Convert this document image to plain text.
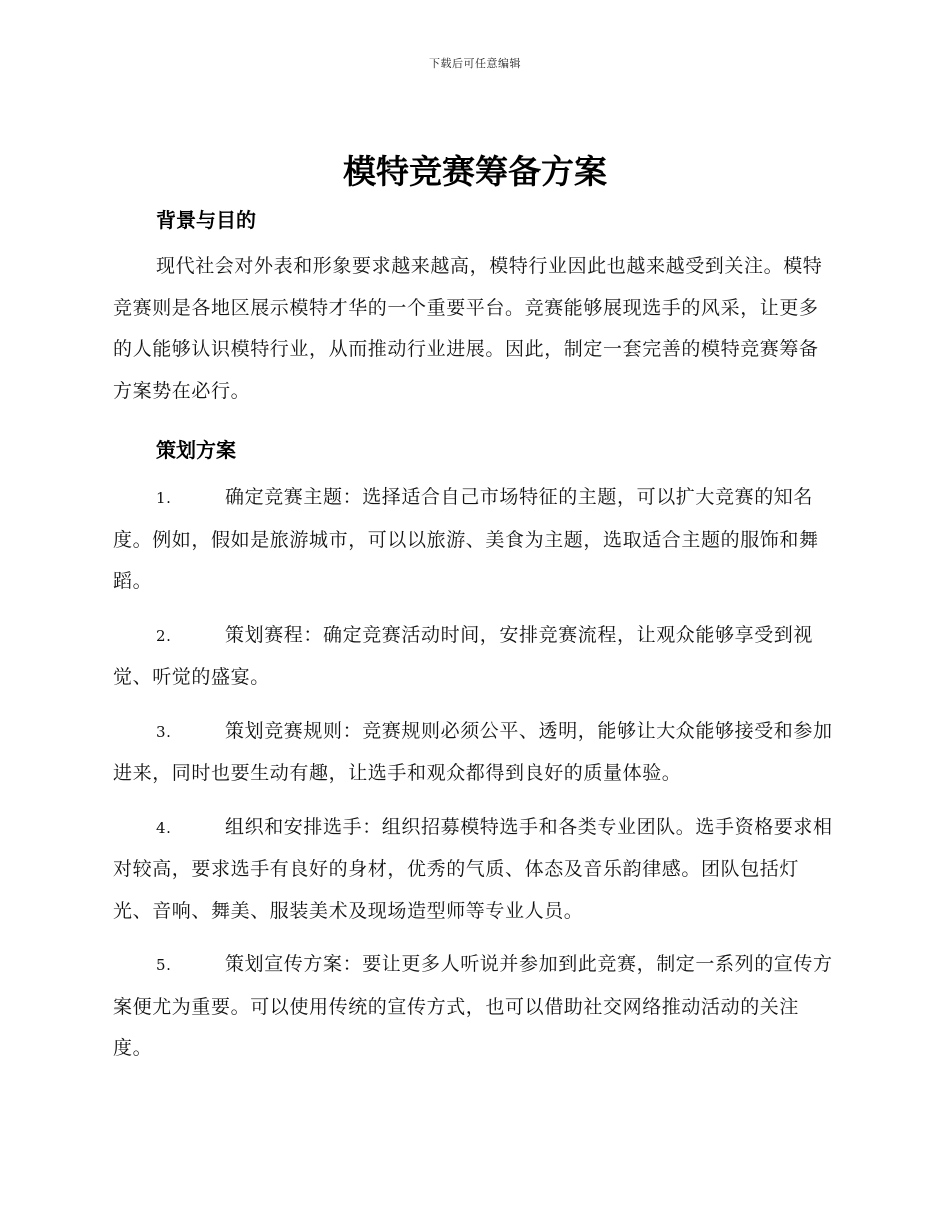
下载后可任意编辑
模特竞赛筹备方案
背景与目的

现代社会对外表和形象要求越来越高，模特行业因此也越来越受到关注。模特竞赛则是各地区展示模特才华的一个重要平台。竞赛能够展现选手的风采，让更多的人能够认识模特行业，从而推动行业进展。因此，制定一套完善的模特竞赛筹备方案势在必行。

策划方案
1.	确定竞赛主题：选择适合自己市场特征的主题，可以扩大竞赛的知名度。例如，假如是旅游城市，可以以旅游、美食为主题，选取适合主题的服饰和舞蹈。
2.	策划赛程：确定竞赛活动时间，安排竞赛流程，让观众能够享受到视觉、听觉的盛宴。
3.	策划竞赛规则：竞赛规则必须公平、透明，能够让大众能够接受和参加进来，同时也要生动有趣，让选手和观众都得到良好的质量体验。
4.	组织和安排选手：组织招募模特选手和各类专业团队。选手资格要求相对较高，要求选手有良好的身材，优秀的气质、体态及音乐韵律感。团队包括灯光、音响、舞美、服装美术及现场造型师等专业人员。
5.	策划宣传方案：要让更多人听说并参加到此竞赛，制定一系列的宣传方案便尤为重要。可以使用传统的宣传方式，也可以借助社交网络推动活动的关注度。
